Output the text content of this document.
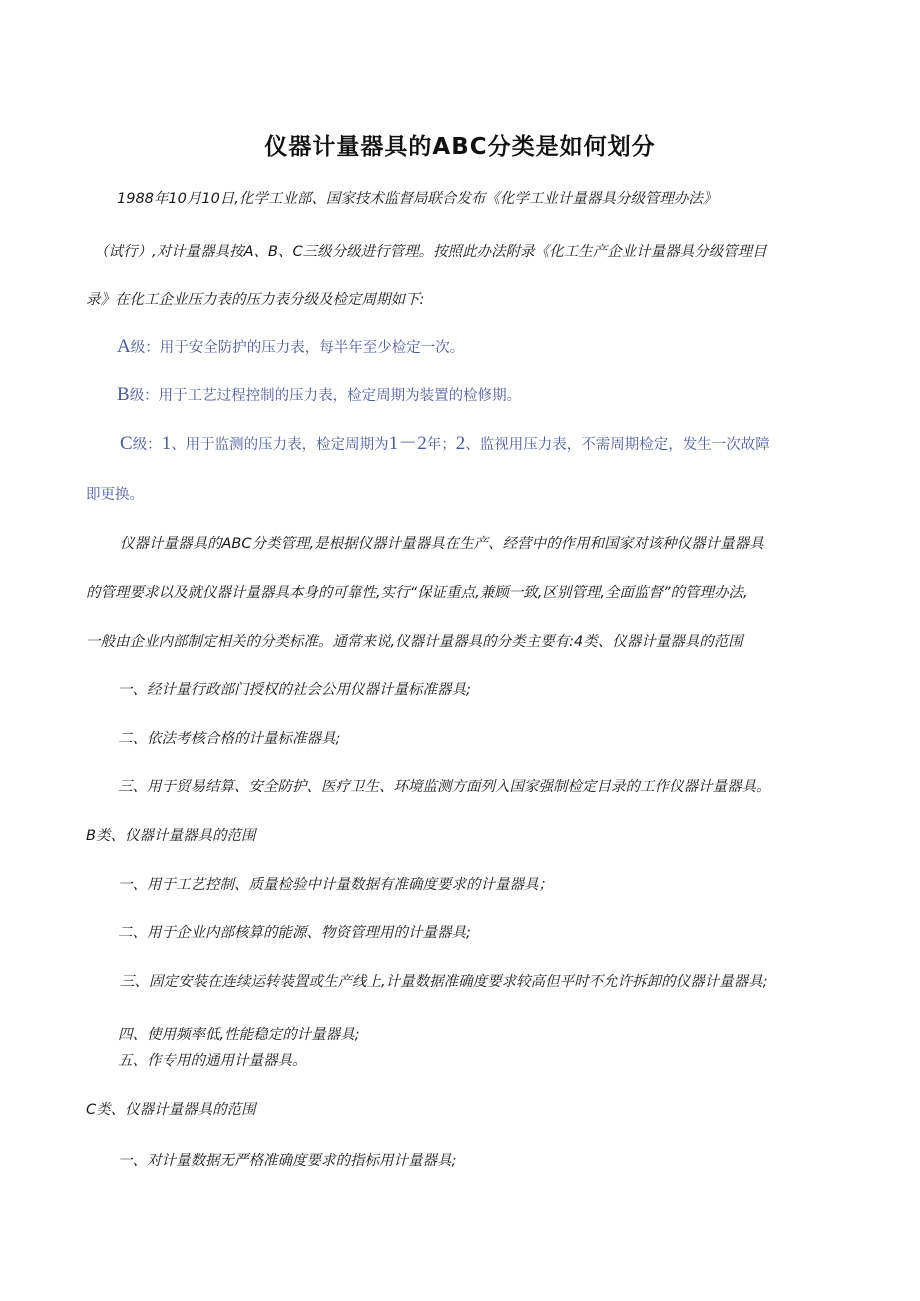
仪器计量器具的ABC分类是如何划分
1988年10月10日,化学工业部、国家技术监督局联合发布《化学工业计量器具分级管理办法》
（试行）,对计量器具按A、B、C三级分级进行管理。按照此办法附录《化工生产企业计量器具分级管理目
录》在化工企业压力表的压力表分级及检定周期如下:
A级：用于安全防护的压力表，每半年至少检定一次。
B级：用于工艺过程控制的压力表，检定周期为装置的检修期。
C级：1、用于监测的压力表，检定周期为1－2年；2、监视用压力表，不需周期检定，发生一次故障
即更换。
仪器计量器具的ABC分类管理,是根据仪器计量器具在生产、经营中的作用和国家对该种仪器计量器具
的管理要求以及就仪器计量器具本身的可靠性,实行“保证重点,兼顾一致,区别管理,全面监督”的管理办法,
一般由企业内部制定相关的分类标准。通常来说,仪器计量器具的分类主要有:4类、仪器计量器具的范围
一、经计量行政部门授权的社会公用仪器计量标准器具;
二、依法考核合格的计量标准器具;
三、用于贸易结算、安全防护、医疗卫生、环境监测方面列入国家强制检定目录的工作仪器计量器具。
B类、仪器计量器具的范围
一、用于工艺控制、质量检验中计量数据有准确度要求的计量器具；
二、用于企业内部核算的能源、物资管理用的计量器具;
三、固定安装在连续运转装置或生产线上,计量数据准确度要求较高但平时不允许拆卸的仪器计量器具;
四、使用频率低,性能稳定的计量器具;
五、作专用的通用计量器具。
C类、仪器计量器具的范围
一、对计量数据无严格准确度要求的指标用计量器具;
